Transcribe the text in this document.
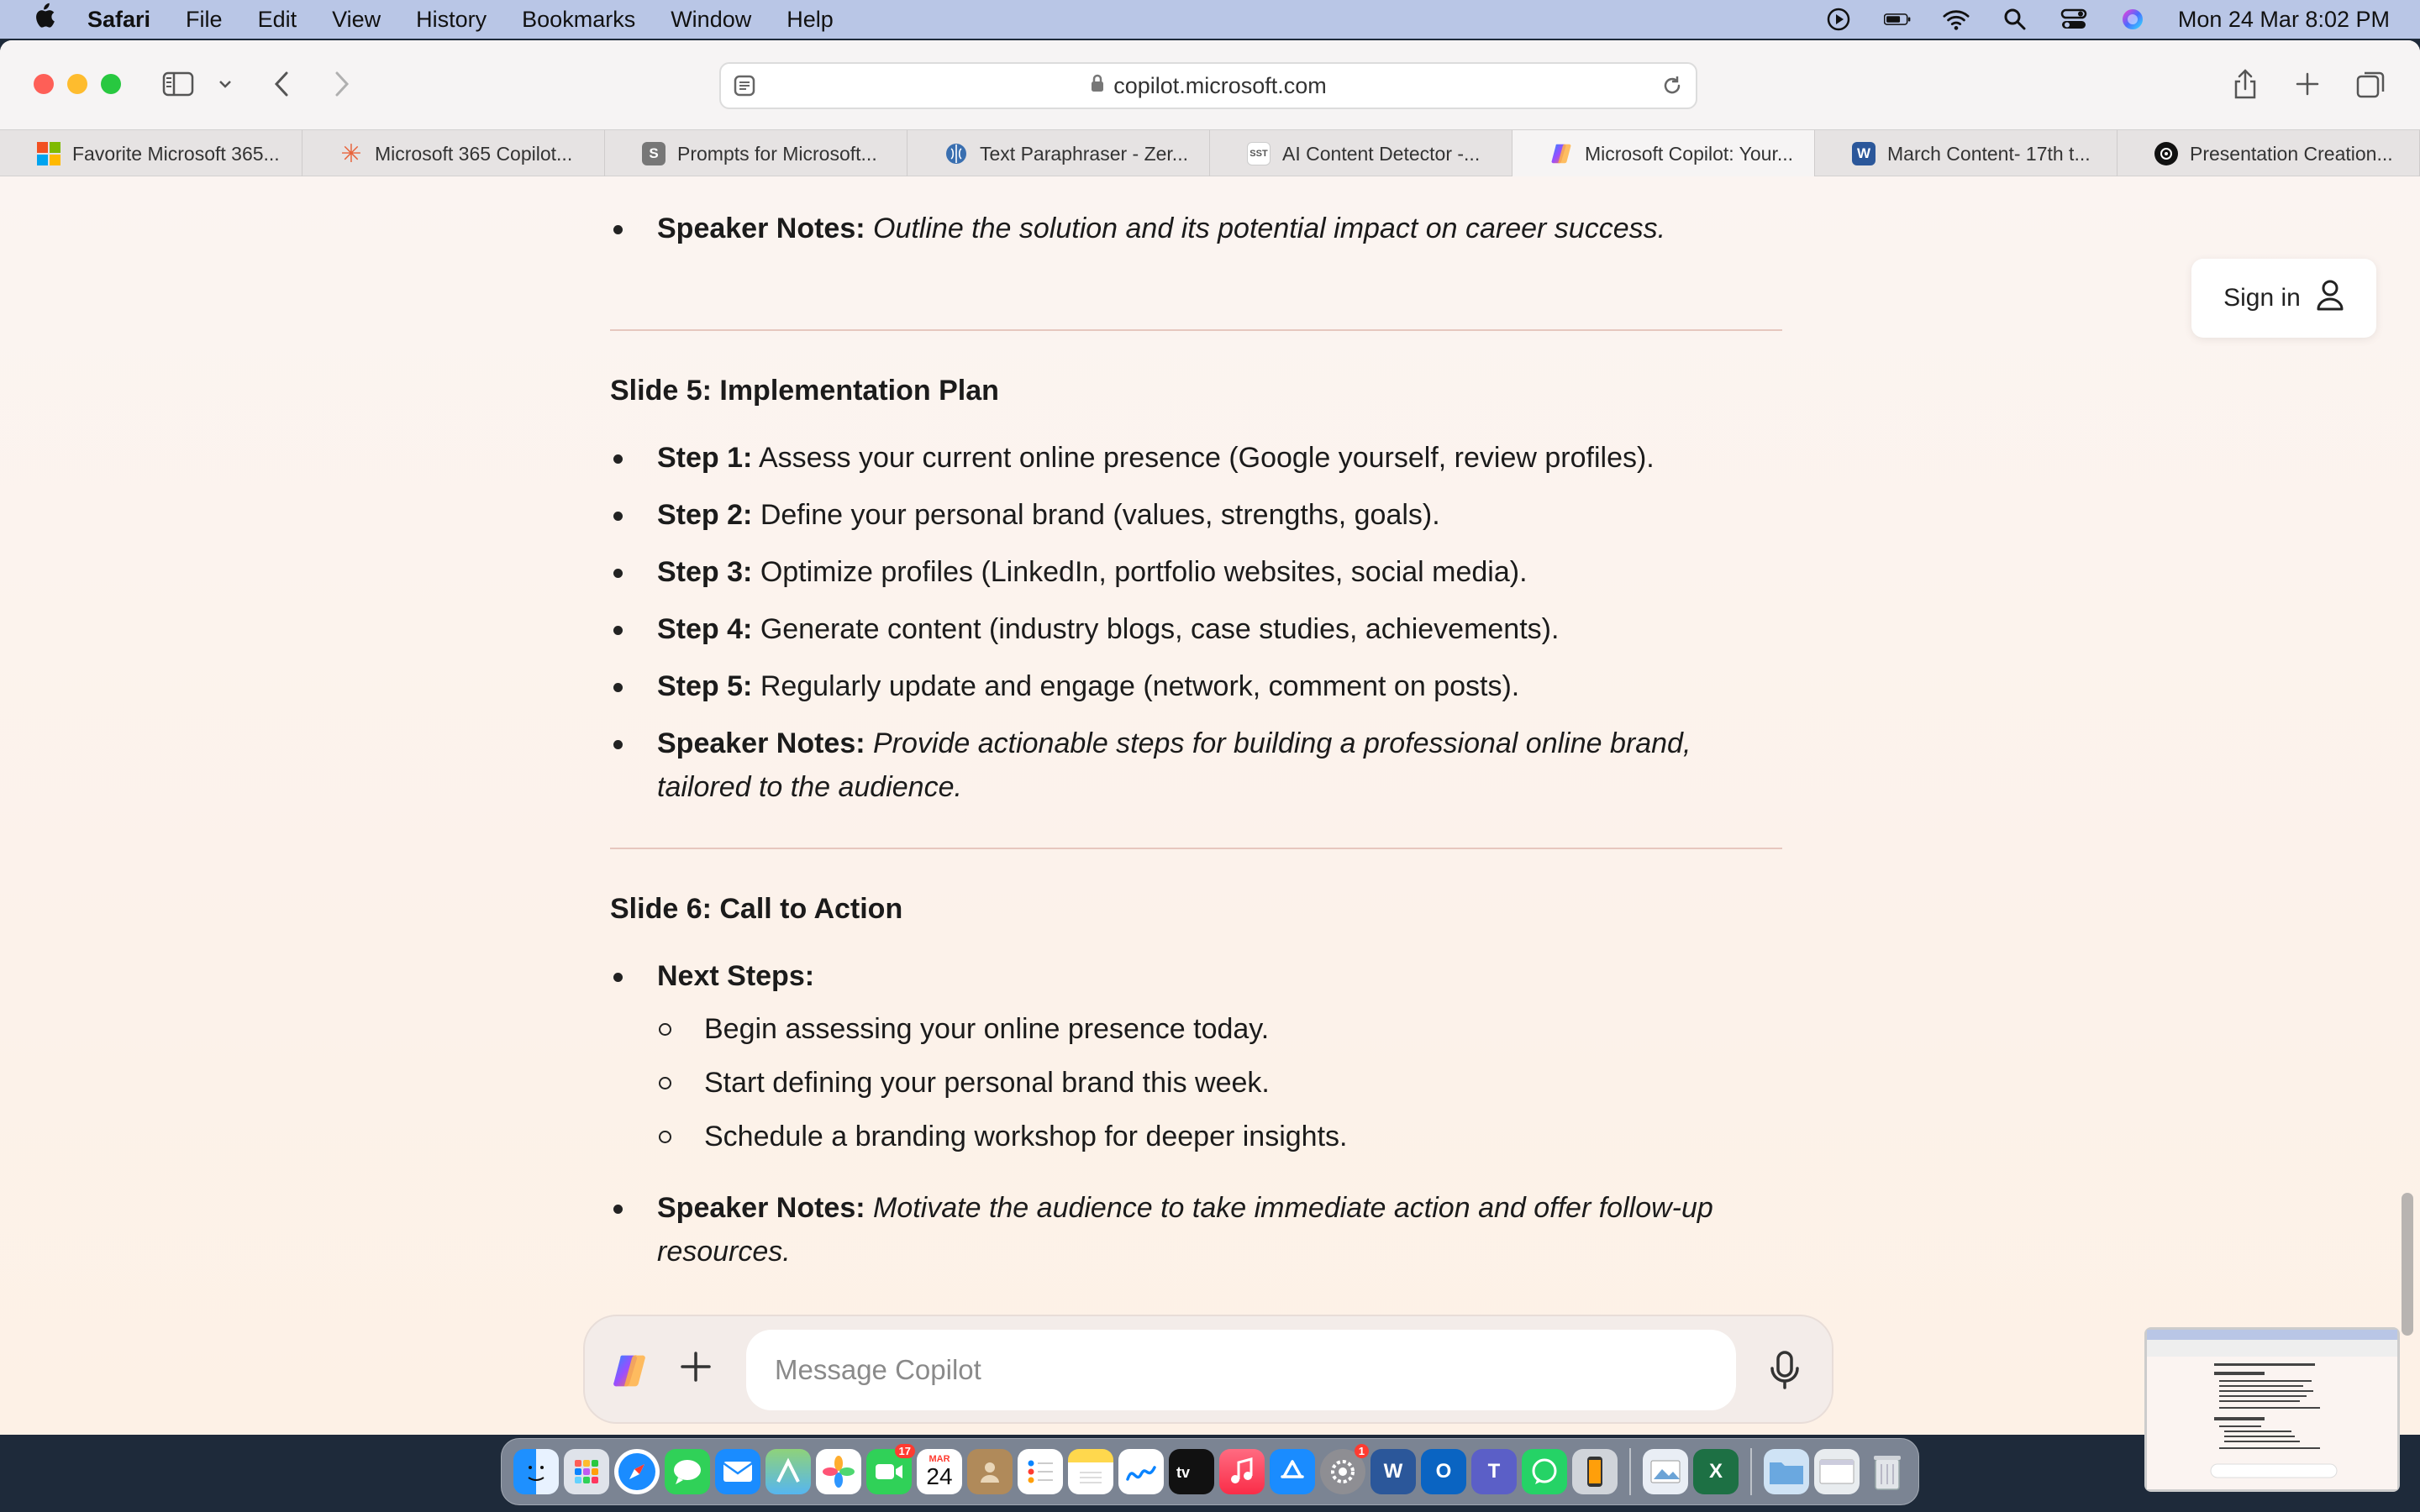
Safari File Edit View History Bookmarks Window Help	Mon 24 Mar 8:02 PM
copilot.microsoft.com
Favorite Microsoft 365... ✳ Microsoft 365 Copilot...	S Prompts for Microsoft...	Text Paraphraser - Zer...	SST AI Content Detector -...	Microsoft Copilot: Your...	W March Content- 17th t...	Presentation Creation...
Speaker Notes: Outline the solution and its potential impact on career success.
Slide 5: Implementation Plan
Step 1: Assess your current online presence (Google yourself, review profiles).
Step 2: Define your personal brand (values, strengths, goals).
Step 3: Optimize profiles (LinkedIn, portfolio websites, social media).
Step 4: Generate content (industry blogs, case studies, achievements).
Step 5: Regularly update and engage (network, comment on posts).
Speaker Notes: Provide actionable steps for building a professional online brand,
tailored to the audience.
Slide 6: Call to Action
Next Steps:
Begin assessing your online presence today.
Start defining your personal brand this week.
Schedule a branding workshop for deeper insights.
Speaker Notes: Motivate the audience to take immediate action and offer follow-up
resources.
Sign in
Message Copilot
17
MAR
24	tv
1
W	O	T	X
